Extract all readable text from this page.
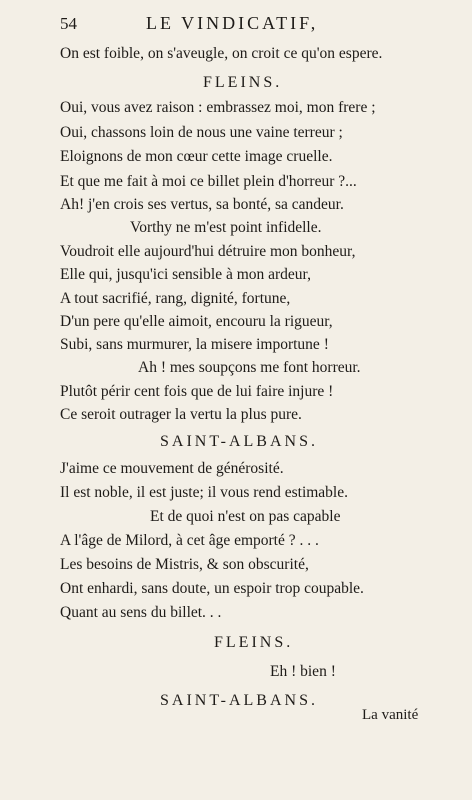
54	LE VINDICATIF,
On est foible, on s'aveugle, on croit ce qu'on espere.
FLEINS.
Oui, vous avez raison : embrassez moi, mon frere ;
Oui, chassons loin de nous une vaine terreur ;
Eloignons de mon cœur cette image cruelle.
Et que me fait à moi ce billet plein d'horreur ?...
Ah! j'en crois ses vertus, sa bonté, sa candeur.
Vorthy ne m'est point infidelle.
Voudroit elle aujourd'hui détruire mon bonheur,
Elle qui, jusqu'ici sensible à mon ardeur,
A tout sacrifié, rang, dignité, fortune,
D'un pere qu'elle aimoit, encouru la rigueur,
Subi, sans murmurer, la misere importune !
Ah ! mes soupçons me font horreur.
Plutôt périr cent fois que de lui faire injure !
Ce seroit outrager la vertu la plus pure.
SAINT-ALBANS.
J'aime ce mouvement de générosité.
Il est noble, il est juste; il vous rend estimable.
Et de quoi n'est on pas capable
A l'âge de Milord, à cet âge emporté ? . . .
Les besoins de Mistris, & son obscurité,
Ont enhardi, sans doute, un espoir trop coupable.
Quant au sens du billet. . .
FLEINS.
Eh ! bien !
SAINT-ALBANS.
La vanité
